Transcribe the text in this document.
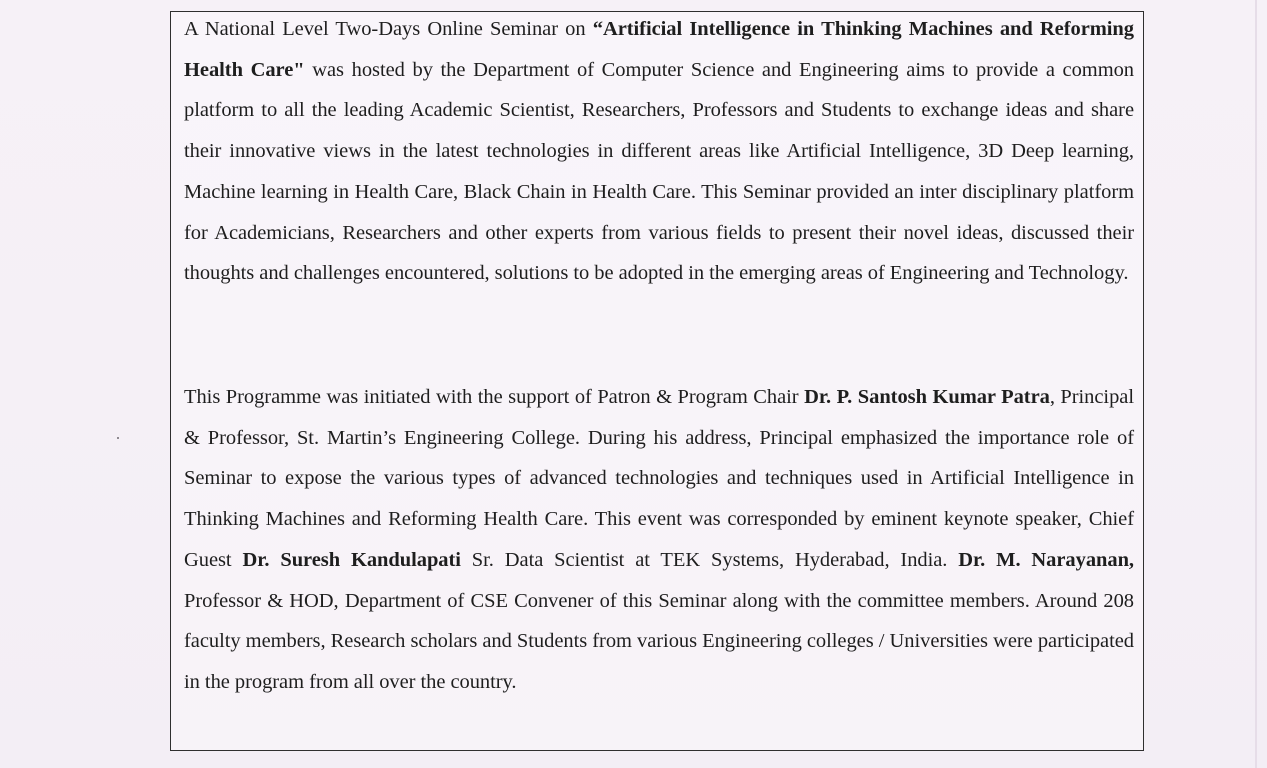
A National Level Two-Days Online Seminar on “Artificial Intelligence in Thinking Machines and Reforming Health Care" was hosted by the Department of Computer Science and Engineering aims to provide a common platform to all the leading Academic Scientist, Researchers, Professors and Students to exchange ideas and share their innovative views in the latest technologies in different areas like Artificial Intelligence, 3D Deep learning, Machine learning in Health Care, Black Chain in Health Care. This Seminar provided an inter disciplinary platform for Academicians, Researchers and other experts from various fields to present their novel ideas, discussed their thoughts and challenges encountered, solutions to be adopted in the emerging areas of Engineering and Technology.

This Programme was initiated with the support of Patron & Program Chair Dr. P. Santosh Kumar Patra, Principal & Professor, St. Martin’s Engineering College. During his address, Principal emphasized the importance role of Seminar to expose the various types of advanced technologies and techniques used in Artificial Intelligence in Thinking Machines and Reforming Health Care. This event was corresponded by eminent keynote speaker, Chief Guest Dr. Suresh Kandulapati Sr. Data Scientist at TEK Systems, Hyderabad, India. Dr. M. Narayanan, Professor & HOD, Department of CSE Convener of this Seminar along with the committee members. Around 208 faculty members, Research scholars and Students from various Engineering colleges / Universities were participated in the program from all over the country.
